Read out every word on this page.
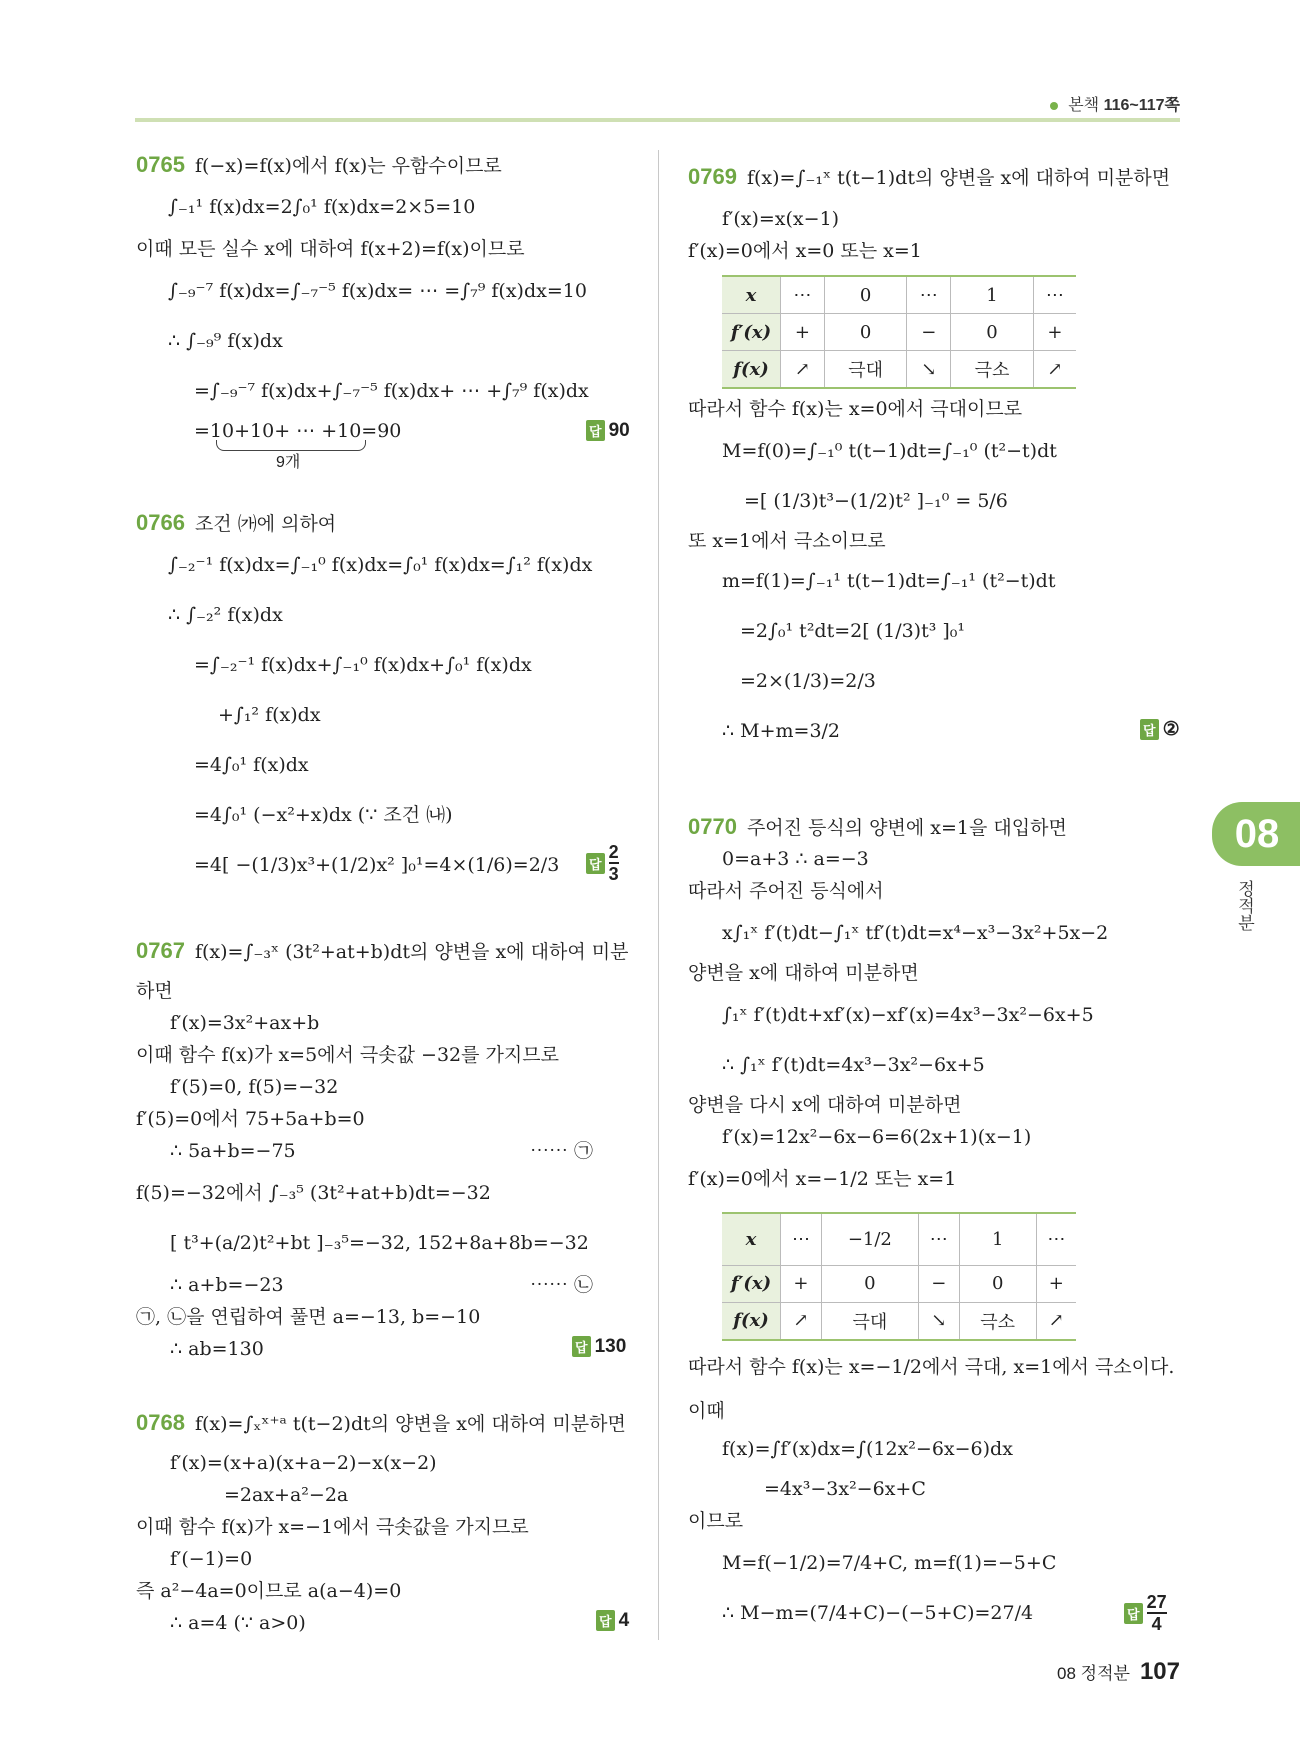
본책 116~117쪽
0765 f(−x)=f(x)에서 f(x)는 우함수이므로
∫₋₁¹ f(x)dx=2∫₀¹ f(x)dx=2×5=10
이때 모든 실수 x에 대하여 f(x+2)=f(x)이므로
∫₋₉⁻⁷ f(x)dx=∫₋₇⁻⁵ f(x)dx= ⋯ =∫₇⁹ f(x)dx=10
∴ ∫₋₉⁹ f(x)dx
=∫₋₉⁻⁷ f(x)dx+∫₋₇⁻⁵ f(x)dx+ ⋯ +∫₇⁹ f(x)dx
=10+10+ ⋯ +10=90
9개
답 90
0766 조건 ㈎에 의하여
∫₋₂⁻¹ f(x)dx=∫₋₁⁰ f(x)dx=∫₀¹ f(x)dx=∫₁² f(x)dx
∴ ∫₋₂² f(x)dx
=∫₋₂⁻¹ f(x)dx+∫₋₁⁰ f(x)dx+∫₀¹ f(x)dx
+∫₁² f(x)dx
=4∫₀¹ f(x)dx
=4∫₀¹ (−x²+x)dx (∵ 조건 ㈏)
=4[ −(1/3)x³+(1/2)x² ]₀¹=4×(1/6)=2/3 답 $\frac{2}{3}$
0767 f(x)=∫₋₃ˣ (3t²+at+b)dt의 양변을 x에 대하여 미분
하면
f′(x)=3x²+ax+b
이때 함수 f(x)가 x=5에서 극솟값 −32를 가지므로
f′(5)=0, f(5)=−32
f′(5)=0에서 75+5a+b=0
∴ 5a+b=−75	⋯⋯ ㉠
f(5)=−32에서 ∫₋₃⁵ (3t²+at+b)dt=−32
[ t³+(a/2)t²+bt ]₋₃⁵=−32, 152+8a+8b=−32
∴ a+b=−23	⋯⋯ ㉡
㉠, ㉡을 연립하여 풀면 a=−13, b=−10
∴ ab=130	답 130
0768 f(x)=∫ₓˣ⁺ᵃ t(t−2)dt의 양변을 x에 대하여 미분하면
f′(x)=(x+a)(x+a−2)−x(x−2)
=2ax+a²−2a
이때 함수 f(x)가 x=−1에서 극솟값을 가지므로
f′(−1)=0
즉 a²−4a=0이므로 a(a−4)=0
∴ a=4 (∵ a>0)	답 4
0769 f(x)=∫₋₁ˣ t(t−1)dt의 양변을 x에 대하여 미분하면
f′(x)=x(x−1)
f′(x)=0에서 x=0 또는 x=1
x	⋯	0	⋯	1	⋯
f′(x)	+	0	−	0	+
f(x)	↗	극대	↘	극소	↗
따라서 함수 f(x)는 x=0에서 극대이므로
M=f(0)=∫₋₁⁰ t(t−1)dt=∫₋₁⁰ (t²−t)dt
=[ (1/3)t³−(1/2)t² ]₋₁⁰ = 5/6
또 x=1에서 극소이므로
m=f(1)=∫₋₁¹ t(t−1)dt=∫₋₁¹ (t²−t)dt
=2∫₀¹ t²dt=2[ (1/3)t³ ]₀¹
=2×(1/3)=2/3
∴ M+m=3/2	답 ②
0770 주어진 등식의 양변에 x=1을 대입하면
0=a+3 ∴ a=−3
따라서 주어진 등식에서
x∫₁ˣ f′(t)dt−∫₁ˣ tf′(t)dt=x⁴−x³−3x²+5x−2
양변을 x에 대하여 미분하면
∫₁ˣ f′(t)dt+xf′(x)−xf′(x)=4x³−3x²−6x+5
∴ ∫₁ˣ f′(t)dt=4x³−3x²−6x+5
양변을 다시 x에 대하여 미분하면
f′(x)=12x²−6x−6=6(2x+1)(x−1)
f′(x)=0에서 x=−1/2 또는 x=1
x	⋯	−1/2	⋯	1	⋯
f′(x)	+	0	−	0	+
f(x)	↗	극대	↘	극소	↗
따라서 함수 f(x)는 x=−1/2에서 극대, x=1에서 극소이다.
이때
f(x)=∫f′(x)dx=∫(12x²−6x−6)dx
=4x³−3x²−6x+C
이므로
M=f(−1/2)=7/4+C, m=f(1)=−5+C
∴ M−m=(7/4+C)−(−5+C)=27/4	답 $\frac{27}{4}$
08
정적분
08 정적분 107
